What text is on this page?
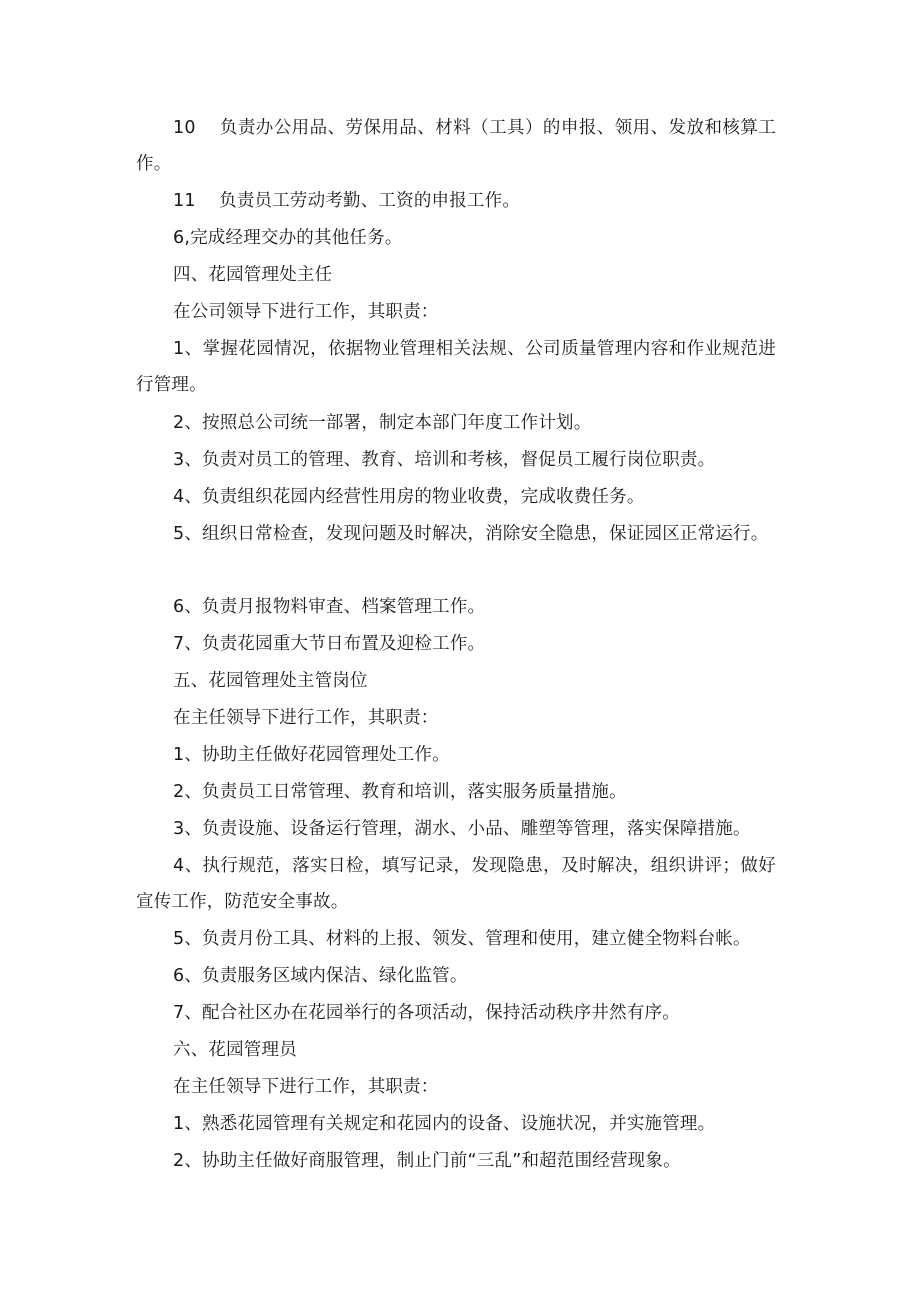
10　 负责办公用品、劳保用品、材料（工具）的申报、领用、发放和核算工作。

11　 负责员工劳动考勤、工资的申报工作。

6,完成经理交办的其他任务。

四、花园管理处主任

在公司领导下进行工作，其职责：

1、掌握花园情况，依据物业管理相关法规、公司质量管理内容和作业规范进行管理。

2、按照总公司统一部署，制定本部门年度工作计划。

3、负责对员工的管理、教育、培训和考核，督促员工履行岗位职责。

4、负责组织花园内经营性用房的物业收费，完成收费任务。

5、组织日常检查，发现问题及时解决，消除安全隐患，保证园区正常运行。

6、负责月报物料审查、档案管理工作。

7、负责花园重大节日布置及迎检工作。

五、花园管理处主管岗位

在主任领导下进行工作，其职责：

1、协助主任做好花园管理处工作。

2、负责员工日常管理、教育和培训，落实服务质量措施。

3、负责设施、设备运行管理，湖水、小品、雕塑等管理，落实保障措施。

4、执行规范，落实日检，填写记录，发现隐患，及时解决，组织讲评；做好宣传工作，防范安全事故。

5、负责月份工具、材料的上报、领发、管理和使用，建立健全物料台帐。

6、负责服务区域内保洁、绿化监管。

7、配合社区办在花园举行的各项活动，保持活动秩序井然有序。

六、花园管理员

在主任领导下进行工作，其职责：

1、熟悉花园管理有关规定和花园内的设备、设施状况，并实施管理。

2、协助主任做好商服管理，制止门前“三乱”和超范围经营现象。
